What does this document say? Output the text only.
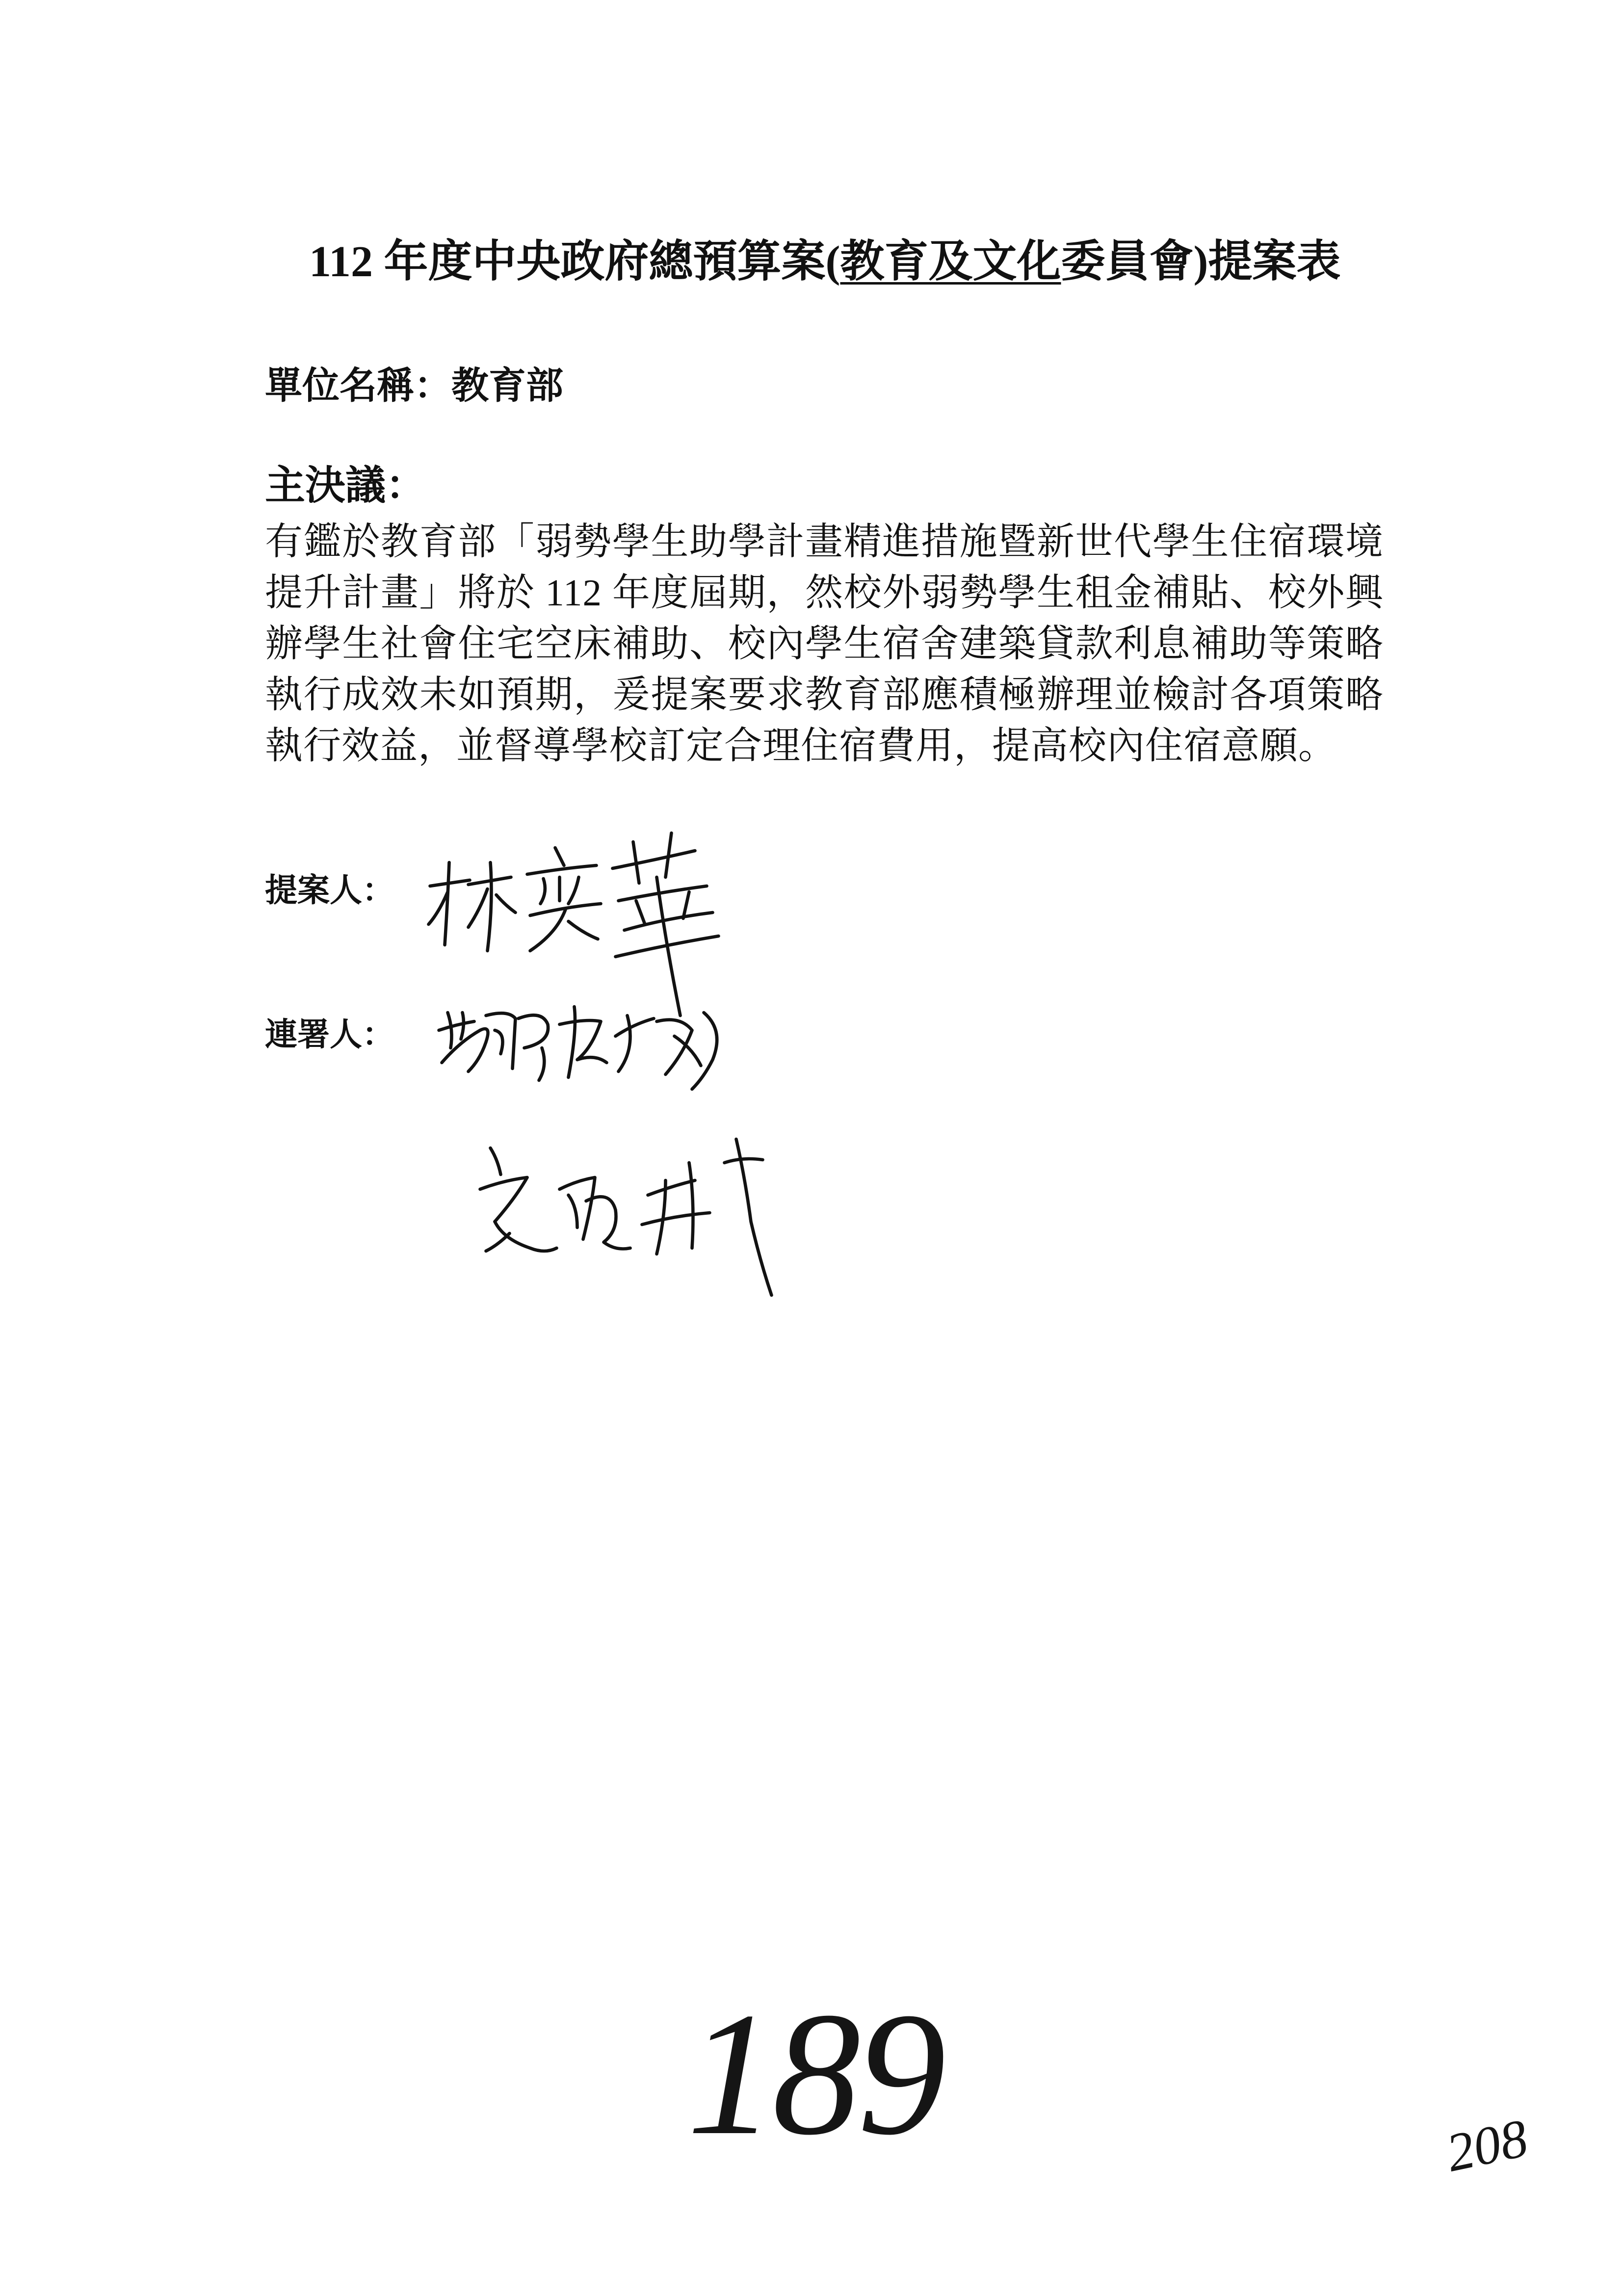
112 年度中央政府總預算案(教育及文化委員會)提案表
單位名稱：教育部
主決議：
有鑑於教育部「弱勢學生助學計畫精進措施暨新世代學生住宿環境
提升計畫」將於 112 年度屆期，然校外弱勢學生租金補貼、校外興
辦學生社會住宅空床補助、校內學生宿舍建築貸款利息補助等策略
執行成效未如預期，爰提案要求教育部應積極辦理並檢討各項策略
執行效益，並督導學校訂定合理住宿費用，提高校內住宿意願。
提案人：
連署人：
189	208
